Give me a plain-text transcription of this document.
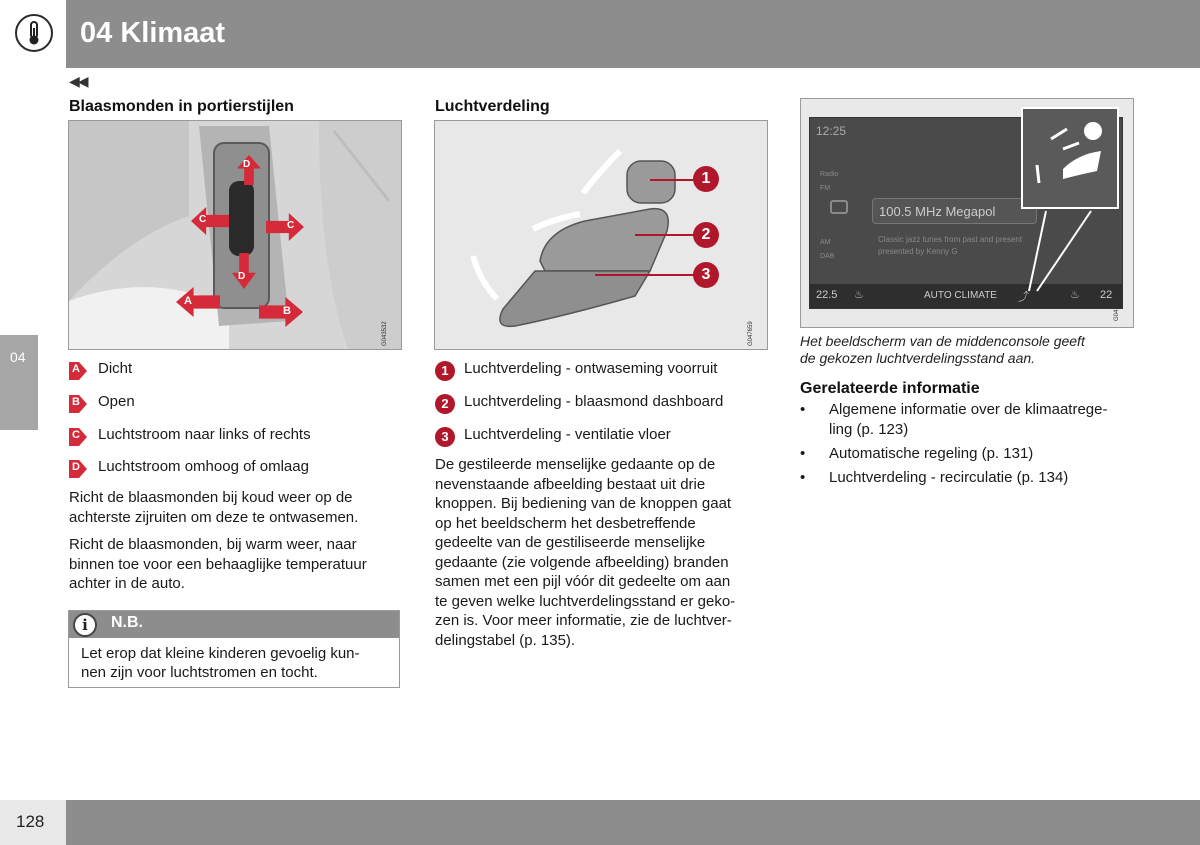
04 Klimaat
◀◀
04
Blaasmonden in portierstijlen
D
C
C
D
A
B
G043532
A Dicht
B Open
C Luchtstroom naar links of rechts
D Luchtstroom omhoog of omlaag
Richt de blaasmonden bij koud weer op de
achterste zijruiten om deze te ontwasemen.
Richt de blaasmonden, bij warm weer, naar
binnen toe voor een behaaglijke temperatuur
achter in de auto.
i	N.B.
Let erop dat kleine kinderen gevoelig kun-
nen zijn voor luchtstromen en tocht.
Luchtverdeling
1
2
3
G047659
1	Luchtverdeling - ontwaseming voorruit
2	Luchtverdeling - blaasmond dashboard
3	Luchtverdeling - ventilatie vloer
De gestileerde menselijke gedaante op de
nevenstaande afbeelding bestaat uit drie
knoppen. Bij bediening van de knoppen gaat
op het beeldscherm het desbetreffende
gedeelte van de gestiliseerde menselijke
gedaante (zie volgende afbeelding) branden
samen met een pijl vóór dit gedeelte om aan
te geven welke luchtverdelingsstand er geko-
zen is. Voor meer informatie, zie de luchtver-
delingstabel (p. 135).
12:25
Radio
FM
AM
DAB
100.5 MHz Megapol
Classic jazz tunes from past and present
presented by Kenny G
22.5 ♨	AUTO CLIMATE ⤴	♨ 22
G043725
Het beeldscherm van de middenconsole geeft
de gekozen luchtverdelingsstand aan.
Gerelateerde informatie
• Algemene informatie over de klimaatrege-
ling (p. 123)
• Automatische regeling (p. 131)
• Luchtverdeling - recirculatie (p. 134)
128
